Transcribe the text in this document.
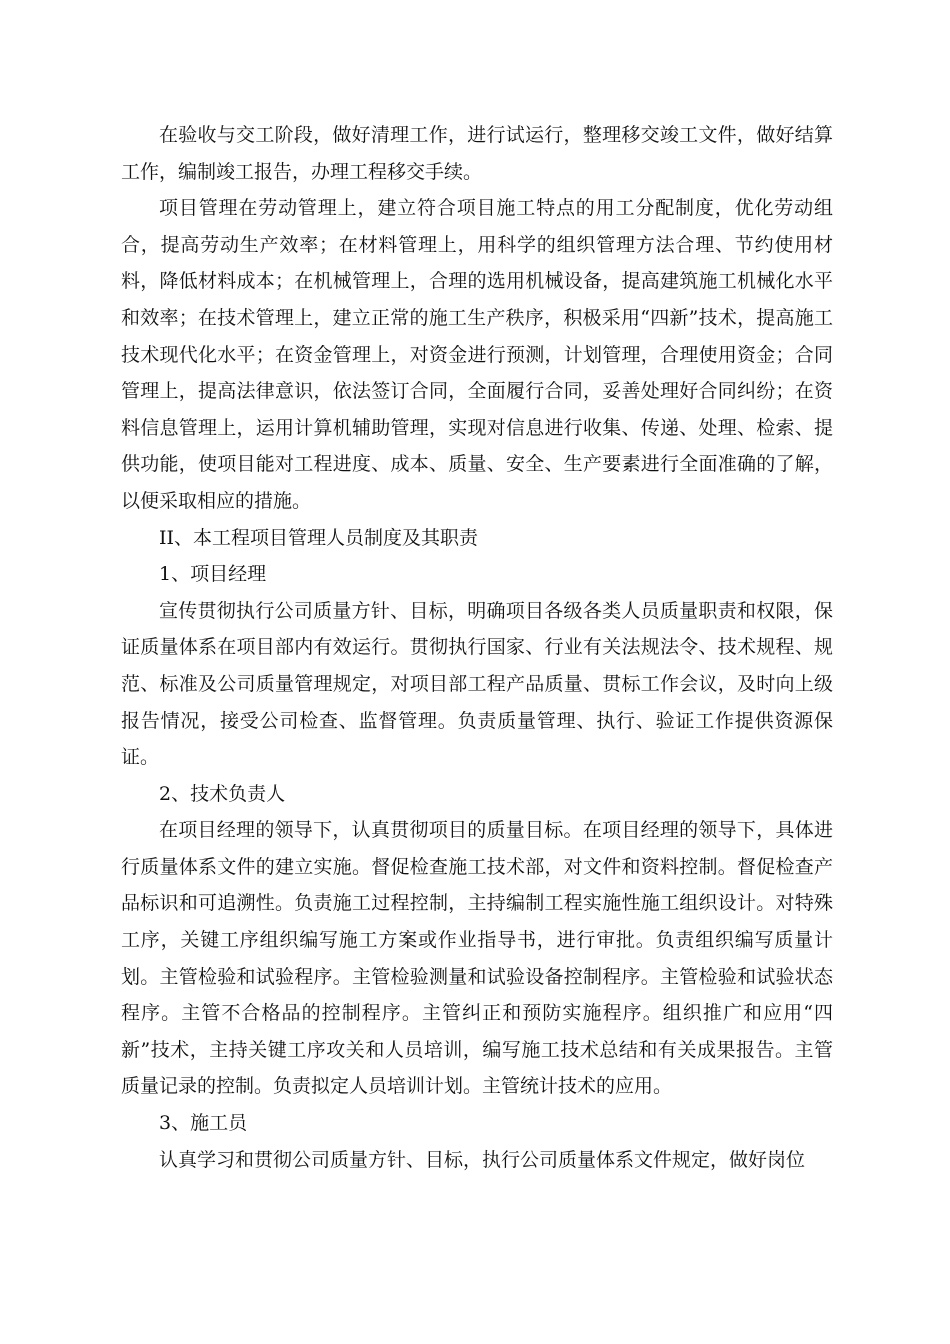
在验收与交工阶段，做好清理工作，进行试运行，整理移交竣工文件，做好结算工作，编制竣工报告，办理工程移交手续。

项目管理在劳动管理上，建立符合项目施工特点的用工分配制度，优化劳动组合，提高劳动生产效率；在材料管理上，用科学的组织管理方法合理、节约使用材料，降低材料成本；在机械管理上，合理的选用机械设备，提高建筑施工机械化水平和效率；在技术管理上，建立正常的施工生产秩序，积极采用“四新”技术，提高施工技术现代化水平；在资金管理上，对资金进行预测，计划管理，合理使用资金；合同管理上，提高法律意识，依法签订合同，全面履行合同，妥善处理好合同纠纷；在资料信息管理上，运用计算机辅助管理，实现对信息进行收集、传递、处理、检索、提供功能，使项目能对工程进度、成本、质量、安全、生产要素进行全面准确的了解，以便采取相应的措施。

II、本工程项目管理人员制度及其职责

1、项目经理

宣传贯彻执行公司质量方针、目标，明确项目各级各类人员质量职责和权限，保证质量体系在项目部内有效运行。贯彻执行国家、行业有关法规法令、技术规程、规范、标准及公司质量管理规定，对项目部工程产品质量、贯标工作会议，及时向上级报告情况，接受公司检查、监督管理。负责质量管理、执行、验证工作提供资源保证。

2、技术负责人

在项目经理的领导下，认真贯彻项目的质量目标。在项目经理的领导下，具体进行质量体系文件的建立实施。督促检查施工技术部，对文件和资料控制。督促检查产品标识和可追溯性。负责施工过程控制，主持编制工程实施性施工组织设计。对特殊工序，关键工序组织编写施工方案或作业指导书，进行审批。负责组织编写质量计划。主管检验和试验程序。主管检验测量和试验设备控制程序。主管检验和试验状态程序。主管不合格品的控制程序。主管纠正和预防实施程序。组织推广和应用“四新”技术，主持关键工序攻关和人员培训，编写施工技术总结和有关成果报告。主管质量记录的控制。负责拟定人员培训计划。主管统计技术的应用。

3、施工员

认真学习和贯彻公司质量方针、目标，执行公司质量体系文件规定，做好岗位
